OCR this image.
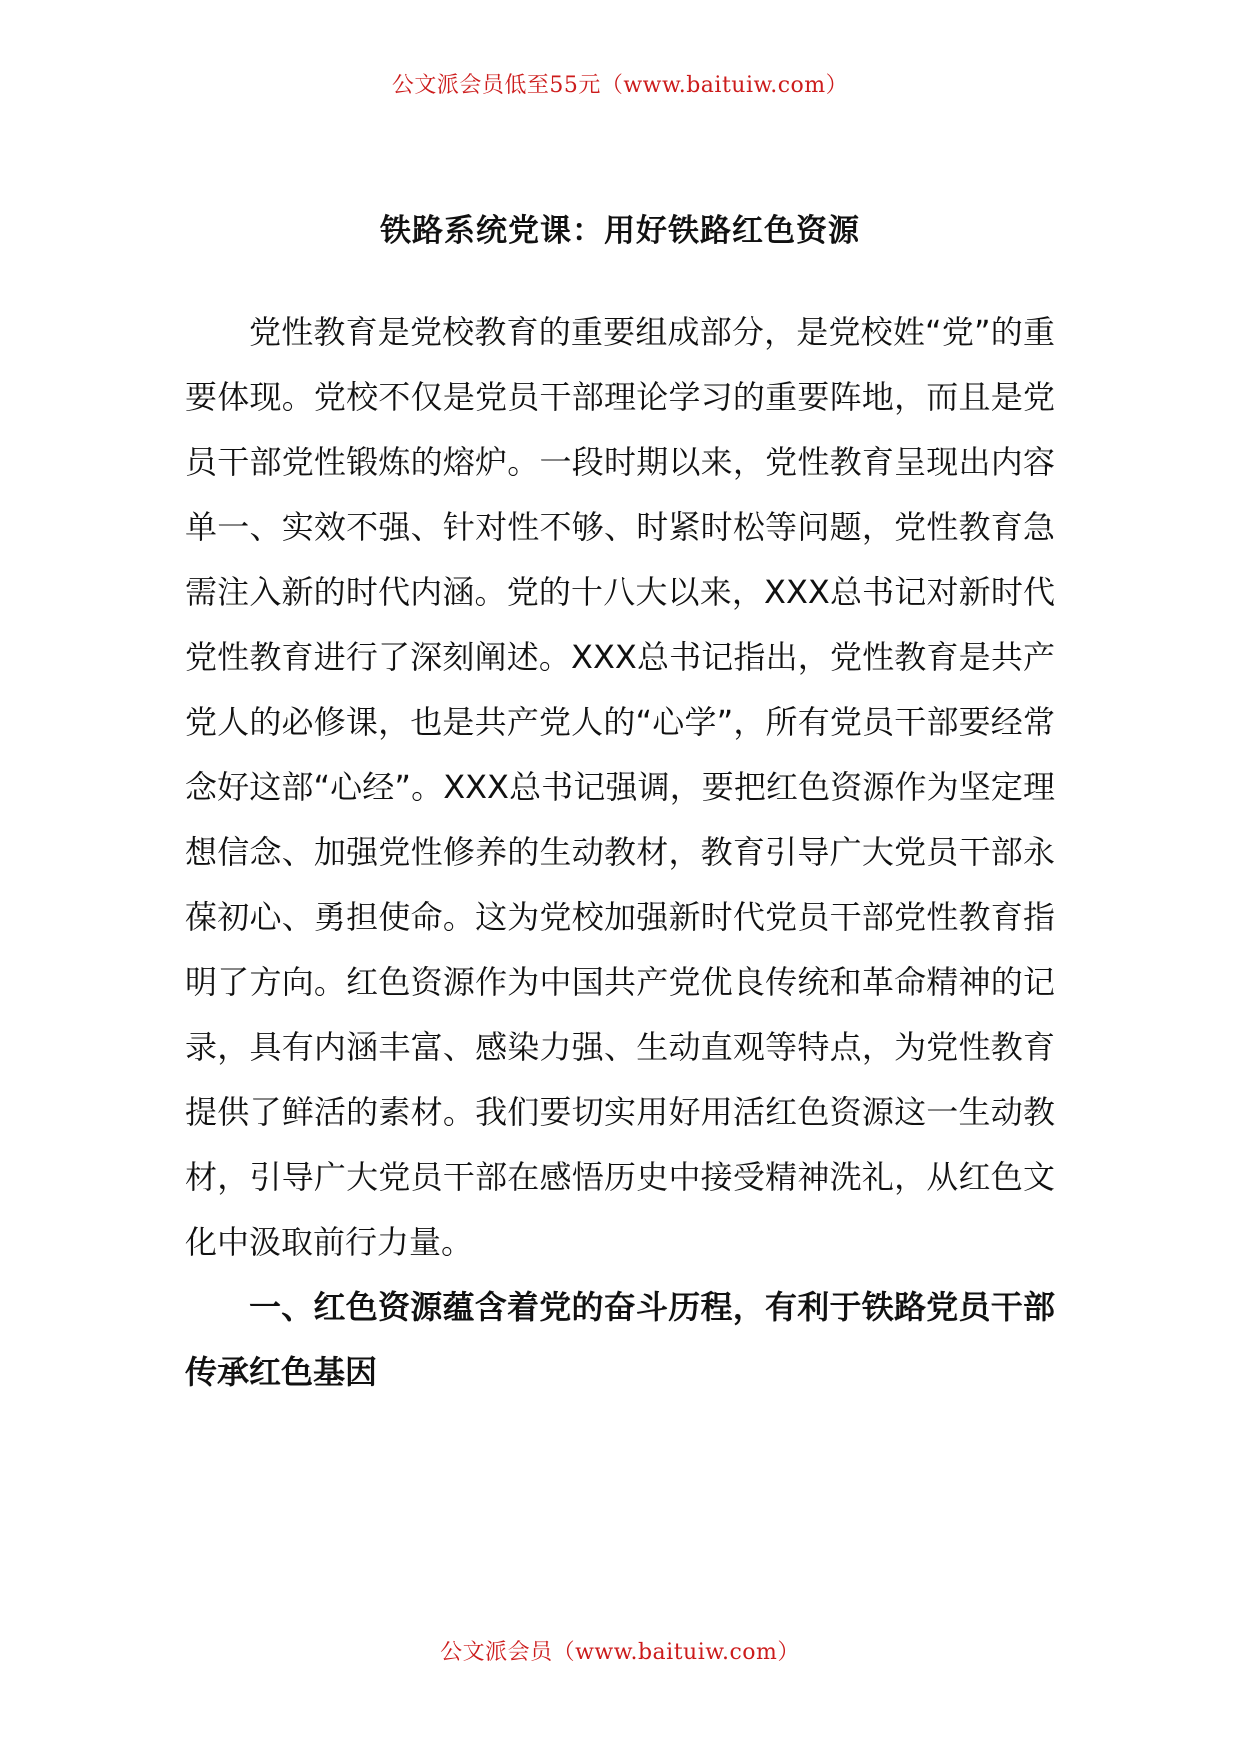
公文派会员低至55元（www.baituiw.com）
铁路系统党课：用好铁路红色资源

党性教育是党校教育的重要组成部分，是党校姓“党”的重要体现。党校不仅是党员干部理论学习的重要阵地，而且是党员干部党性锻炼的熔炉。一段时期以来，党性教育呈现出内容单一、实效不强、针对性不够、时紧时松等问题，党性教育急需注入新的时代内涵。党的十八大以来，XXX总书记对新时代党性教育进行了深刻阐述。XXX总书记指出，党性教育是共产党人的必修课，也是共产党人的“心学”，所有党员干部要经常念好这部“心经”。XXX总书记强调，要把红色资源作为坚定理想信念、加强党性修养的生动教材，教育引导广大党员干部永葆初心、勇担使命。这为党校加强新时代党员干部党性教育指明了方向。红色资源作为中国共产党优良传统和革命精神的记录，具有内涵丰富、感染力强、生动直观等特点，为党性教育提供了鲜活的素材。我们要切实用好用活红色资源这一生动教材，引导广大党员干部在感悟历史中接受精神洗礼，从红色文化中汲取前行力量。

一、红色资源蕴含着党的奋斗历程，有利于铁路党员干部传承红色基因

公文派会员（www.baituiw.com）
